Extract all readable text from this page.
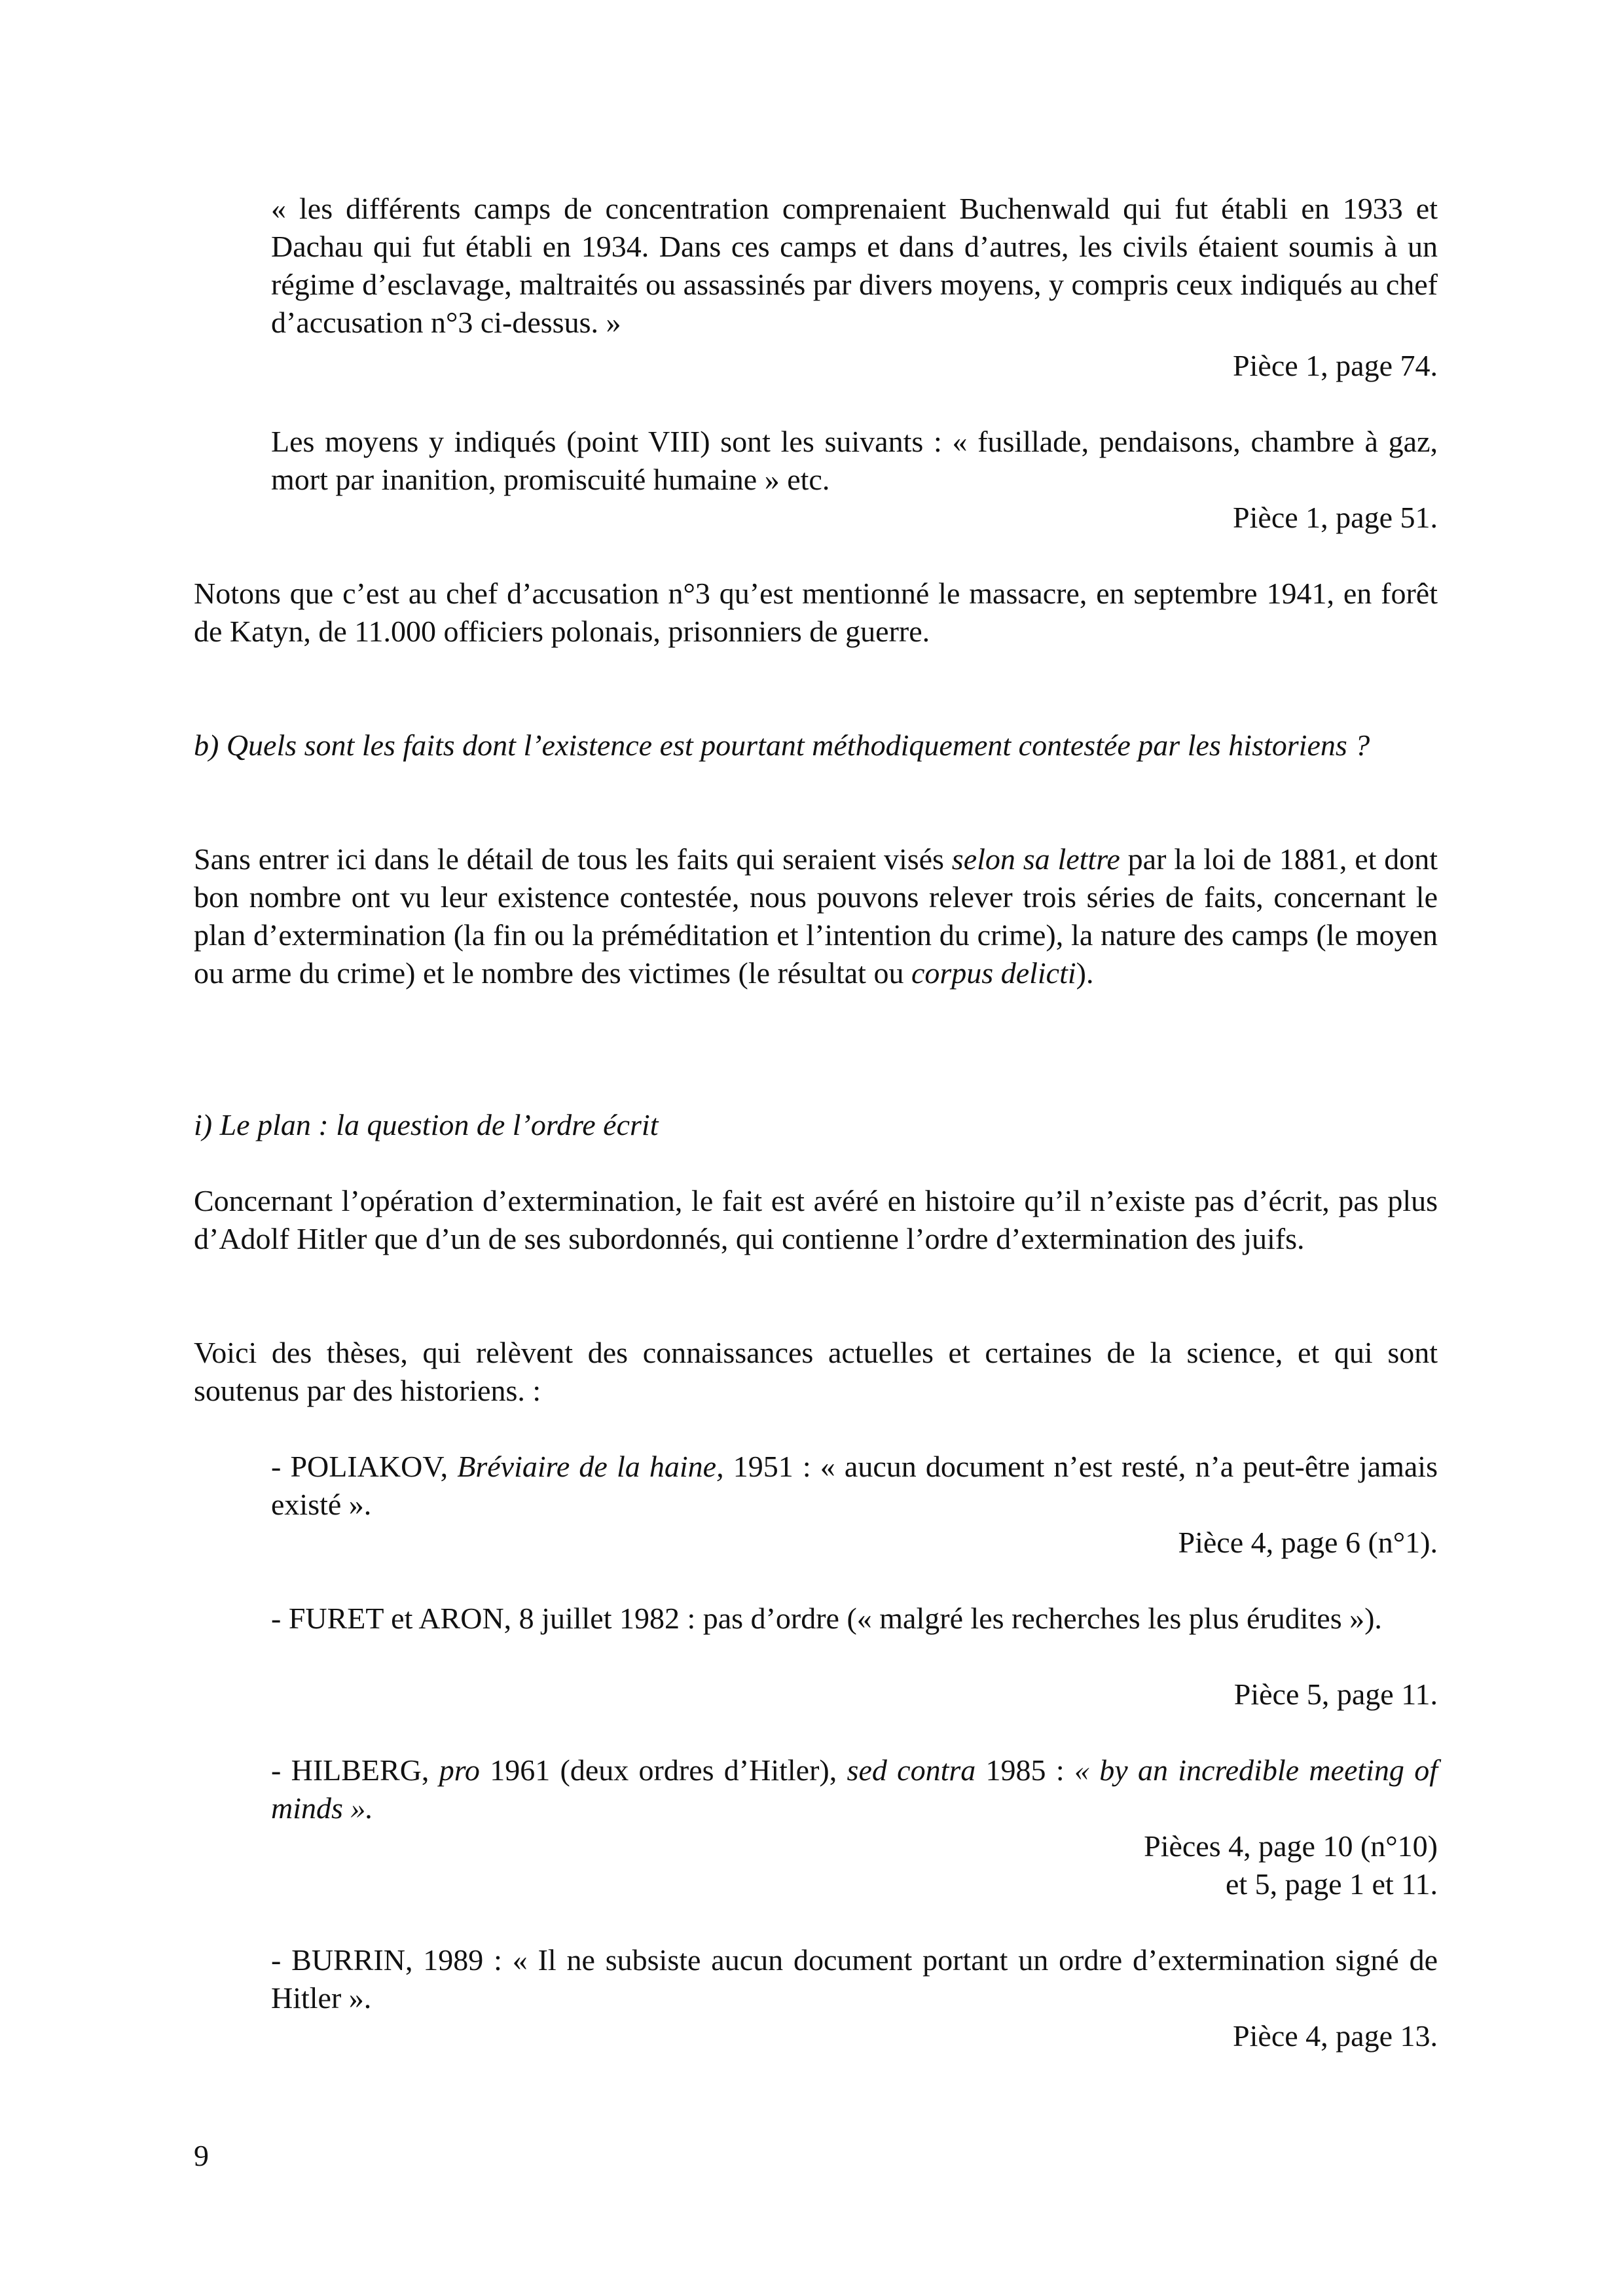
« les différents camps de concentration comprenaient Buchenwald qui fut établi en 1933 et Dachau qui fut établi en 1934. Dans ces camps et dans d’autres, les civils étaient soumis à un régime d’esclavage, maltraités ou assassinés par divers moyens, y compris ceux indiqués au chef d’accusation n°3 ci-dessus. »

Pièce 1, page 74.

Les moyens y indiqués (point VIII) sont les suivants : « fusillade, pendaisons, chambre à gaz, mort par inanition, promiscuité humaine » etc.

Pièce 1, page 51.

Notons que c’est au chef d’accusation n°3 qu’est mentionné le massacre, en septembre 1941, en forêt de Katyn, de 11.000 officiers polonais, prisonniers de guerre.

b) Quels sont les faits dont l’existence est pourtant méthodiquement contestée par les historiens ?

Sans entrer ici dans le détail de tous les faits qui seraient visés selon sa lettre par la loi de 1881, et dont bon nombre ont vu leur existence contestée, nous pouvons relever trois séries de faits, concernant le plan d’extermination (la fin ou la préméditation et l’intention du crime), la nature des camps (le moyen ou arme du crime) et le nombre des victimes (le résultat ou corpus delicti).

i) Le plan : la question de l’ordre écrit

Concernant l’opération d’extermination, le fait est avéré en histoire qu’il n’existe pas d’écrit, pas plus d’Adolf Hitler que d’un de ses subordonnés, qui contienne l’ordre d’extermination des juifs.

Voici des thèses, qui relèvent des connaissances actuelles et certaines de la science, et qui sont soutenus par des historiens. :

- POLIAKOV, Bréviaire de la haine, 1951 : « aucun document n’est resté, n’a peut-être jamais existé ».

Pièce 4, page 6 (n°1).

- FURET et ARON, 8 juillet 1982 : pas d’ordre (« malgré les recherches les plus érudites »).

Pièce 5, page 11.

- HILBERG, pro 1961 (deux ordres d’Hitler), sed contra 1985 : « by an incredible meeting of minds ».

Pièces 4, page 10 (n°10)

et 5, page 1 et 11.

- BURRIN, 1989 : « Il ne subsiste aucun document portant un ordre d’extermination signé de Hitler ».

Pièce 4, page 13.

9
